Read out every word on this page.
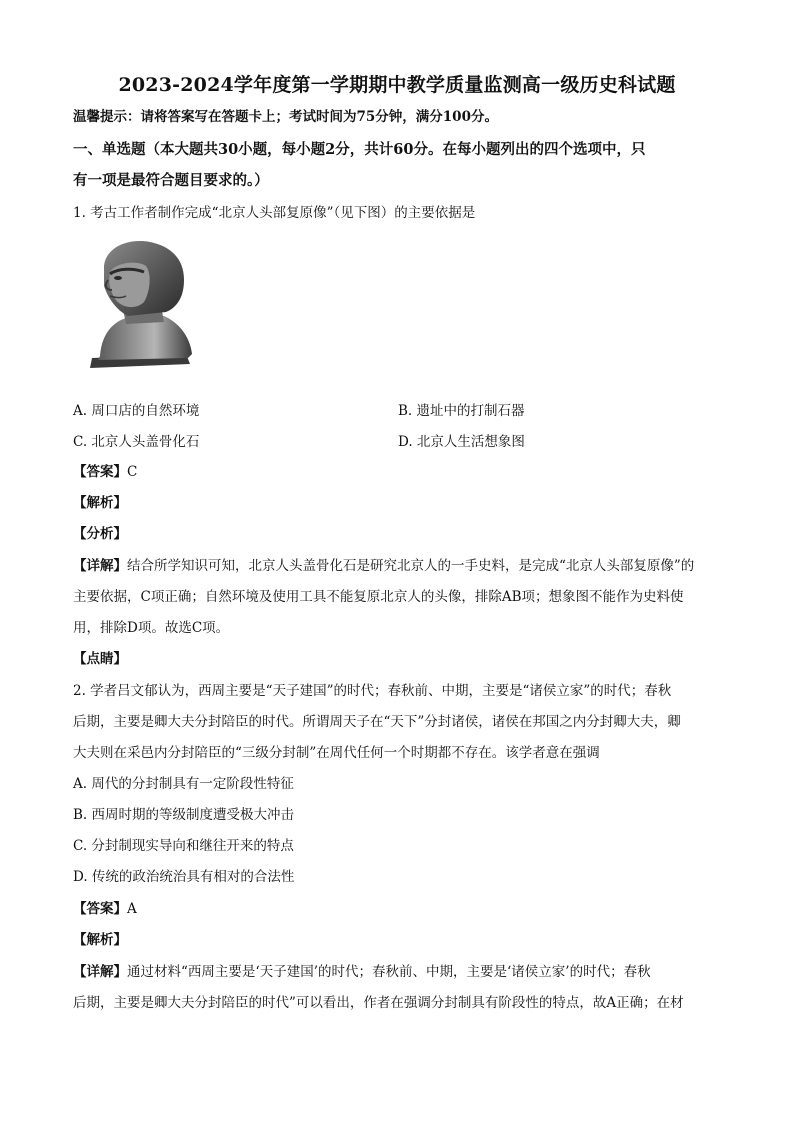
2023-2024学年度第一学期期中教学质量监测高一级历史科试题
温馨提示：请将答案写在答题卡上；考试时间为75分钟，满分100分。
一、单选题（本大题共30小题，每小题2分，共计60分。在每小题列出的四个选项中，只
有一项是最符合题目要求的。）
1. 考古工作者制作完成“北京人头部复原像”（见下图）的主要依据是
A. 周口店的自然环境	B. 遗址中的打制石器
C. 北京人头盖骨化石	D. 北京人生活想象图
【答案】C
【解析】
【分析】
【详解】结合所学知识可知，北京人头盖骨化石是研究北京人的一手史料，是完成“北京人头部复原像”的
主要依据，C项正确；自然环境及使用工具不能复原北京人的头像，排除AB项；想象图不能作为史料使
用，排除D项。故选C项。
【点睛】
2. 学者吕文郁认为，西周主要是“天子建国”的时代；春秋前、中期，主要是“诸侯立家”的时代；春秋
后期，主要是卿大夫分封陪臣的时代。所谓周天子在“天下”分封诸侯，诸侯在邦国之内分封卿大夫，卿
大夫则在采邑内分封陪臣的“三级分封制”在周代任何一个时期都不存在。该学者意在强调
A. 周代的分封制具有一定阶段性特征
B. 西周时期的等级制度遭受极大冲击
C. 分封制现实导向和继往开来的特点
D. 传统的政治统治具有相对的合法性
【答案】A
【解析】
【详解】通过材料“西周主要是‘天子建国’的时代；春秋前、中期，主要是‘诸侯立家’的时代；春秋
后期，主要是卿大夫分封陪臣的时代”可以看出，作者在强调分封制具有阶段性的特点，故A正确；在材
